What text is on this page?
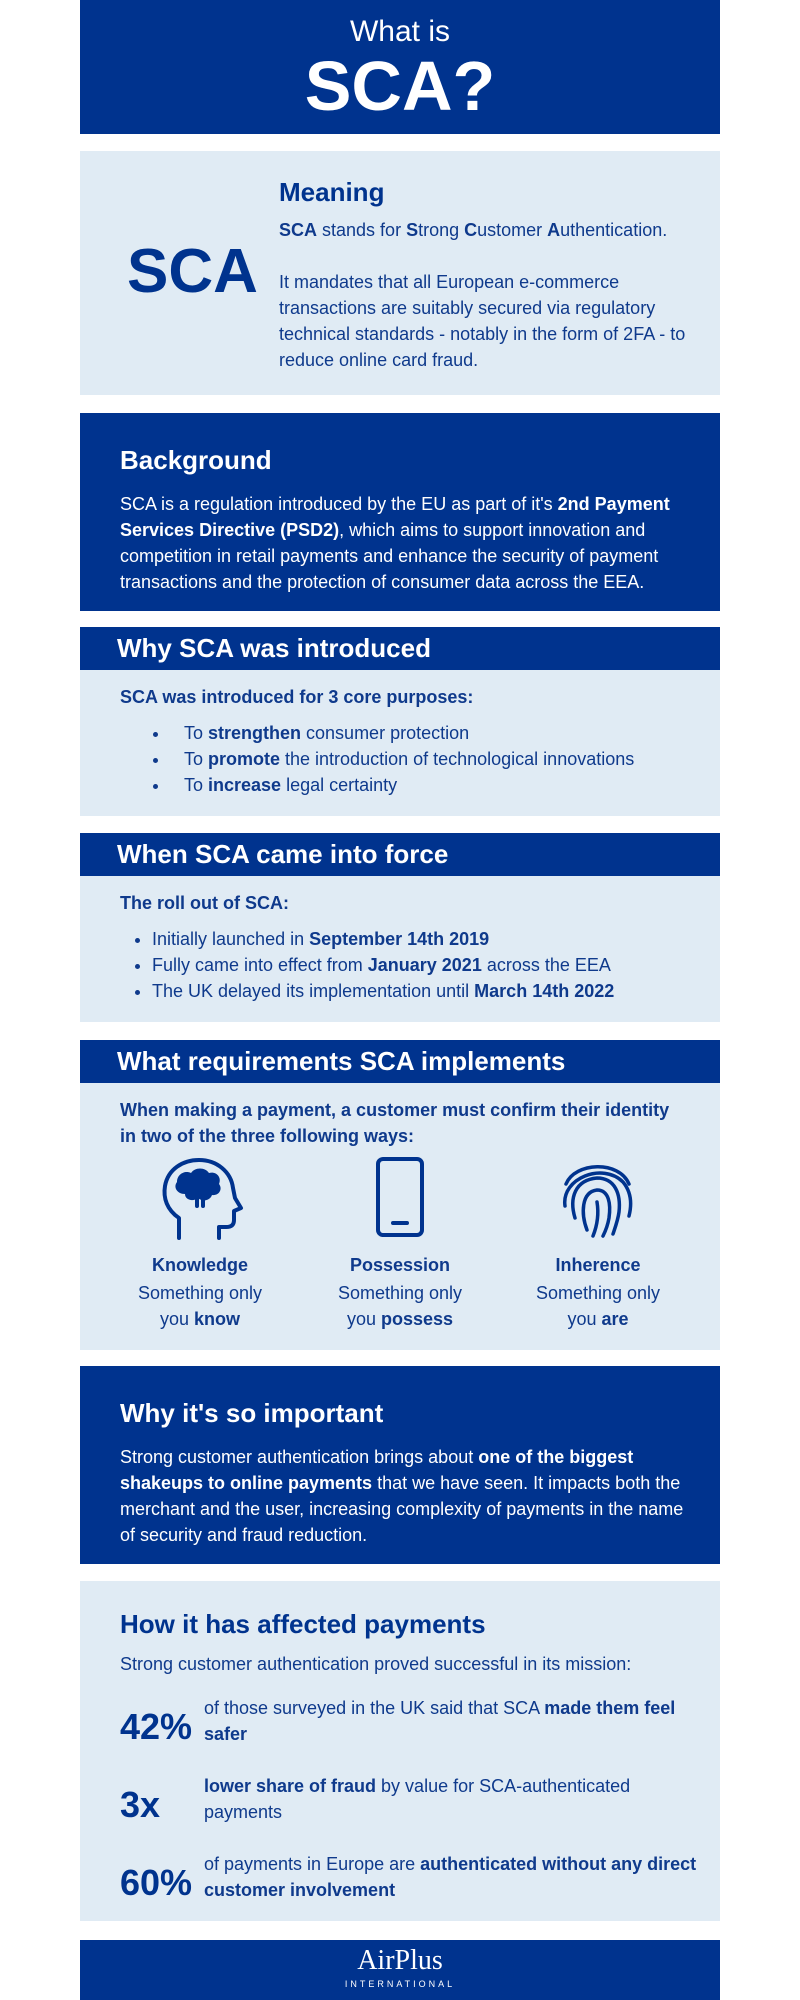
What is
SCA?
SCA
Meaning

SCA stands for Strong Customer Authentication.

It mandates that all European e-commerce transactions are suitably secured via regulatory technical standards - notably in the form of 2FA - to reduce online card fraud.

Background

SCA is a regulation introduced by the EU as part of it's 2nd Payment Services Directive (PSD2), which aims to support innovation and competition in retail payments and enhance the security of payment transactions and the protection of consumer data across the EEA.

Why SCA was introduced
SCA was introduced for 3 core purposes:
• To strengthen consumer protection
• To promote the introduction of technological innovations
• To increase legal certainty
When SCA came into force
The roll out of SCA:
• Initially launched in September 14th 2019
• Fully came into effect from January 2021 across the EEA
• The UK delayed its implementation until March 14th 2022
What requirements SCA implements
When making a payment, a customer must confirm their identity in two of the three following ways:
Knowledge
Something only
you know
Possession
Something only
you possess
Inherence
Something only
you are
Why it's so important

Strong customer authentication brings about one of the biggest shakeups to online payments that we have seen. It impacts both the merchant and the user, increasing complexity of payments in the name of security and fraud reduction.

How it has affected payments
Strong customer authentication proved successful in its mission:
42% of those surveyed in the UK said that SCA made them feel safer
3x lower share of fraud by value for SCA-authenticated payments
60% of payments in Europe are authenticated without any direct customer involvement
AirPlus
INTERNATIONAL
